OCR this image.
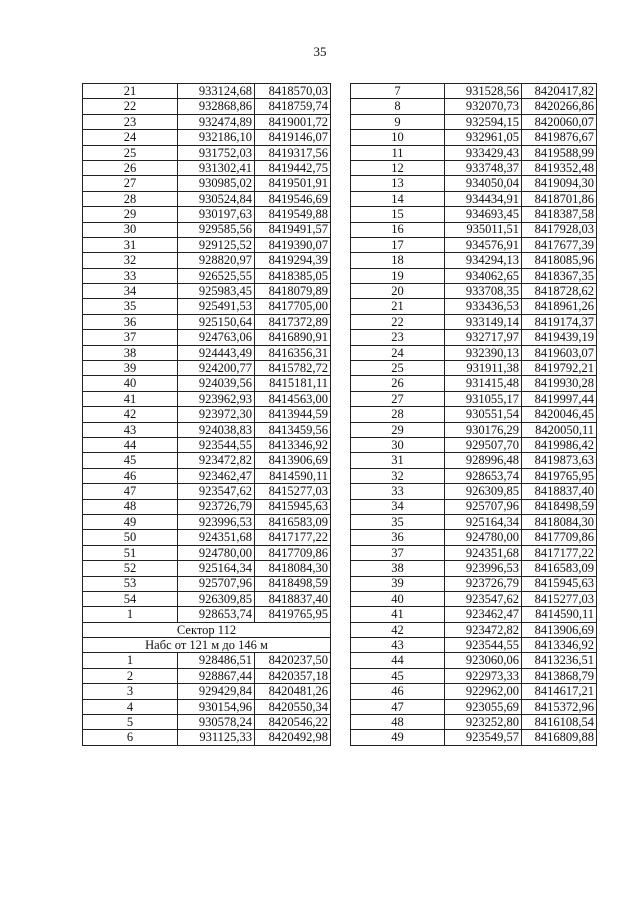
35
21	933124,68	8418570,03
22	932868,86	8418759,74
23	932474,89	8419001,72
24	932186,10	8419146,07
25	931752,03	8419317,56
26	931302,41	8419442,75
27	930985,02	8419501,91
28	930524,84	8419546,69
29	930197,63	8419549,88
30	929585,56	8419491,57
31	929125,52	8419390,07
32	928820,97	8419294,39
33	926525,55	8418385,05
34	925983,45	8418079,89
35	925491,53	8417705,00
36	925150,64	8417372,89
37	924763,06	8416890,91
38	924443,49	8416356,31
39	924200,77	8415782,72
40	924039,56	8415181,11
41	923962,93	8414563,00
42	923972,30	8413944,59
43	924038,83	8413459,56
44	923544,55	8413346,92
45	923472,82	8413906,69
46	923462,47	8414590,11
47	923547,62	8415277,03
48	923726,79	8415945,63
49	923996,53	8416583,09
50	924351,68	8417177,22
51	924780,00	8417709,86
52	925164,34	8418084,30
53	925707,96	8418498,59
54	926309,85	8418837,40
1	928653,74	8419765,95
Сектор 112		
Набс от 121 м до 146 м		
1	928486,51	8420237,50
2	928867,44	8420357,18
3	929429,84	8420481,26
4	930154,96	8420550,34
5	930578,24	8420546,22
6	931125,33	8420492,98
7	931528,56	8420417,82
8	932070,73	8420266,86
9	932594,15	8420060,07
10	932961,05	8419876,67
11	933429,43	8419588,99
12	933748,37	8419352,48
13	934050,04	8419094,30
14	934434,91	8418701,86
15	934693,45	8418387,58
16	935011,51	8417928,03
17	934576,91	8417677,39
18	934294,13	8418085,96
19	934062,65	8418367,35
20	933708,35	8418728,62
21	933436,53	8418961,26
22	933149,14	8419174,37
23	932717,97	8419439,19
24	932390,13	8419603,07
25	931911,38	8419792,21
26	931415,48	8419930,28
27	931055,17	8419997,44
28	930551,54	8420046,45
29	930176,29	8420050,11
30	929507,70	8419986,42
31	928996,48	8419873,63
32	928653,74	8419765,95
33	926309,85	8418837,40
34	925707,96	8418498,59
35	925164,34	8418084,30
36	924780,00	8417709,86
37	924351,68	8417177,22
38	923996,53	8416583,09
39	923726,79	8415945,63
40	923547,62	8415277,03
41	923462,47	8414590,11
42	923472,82	8413906,69
43	923544,55	8413346,92
44	923060,06	8413236,51
45	922973,33	8413868,79
46	922962,00	8414617,21
47	923055,69	8415372,96
48	923252,80	8416108,54
49	923549,57	8416809,88
